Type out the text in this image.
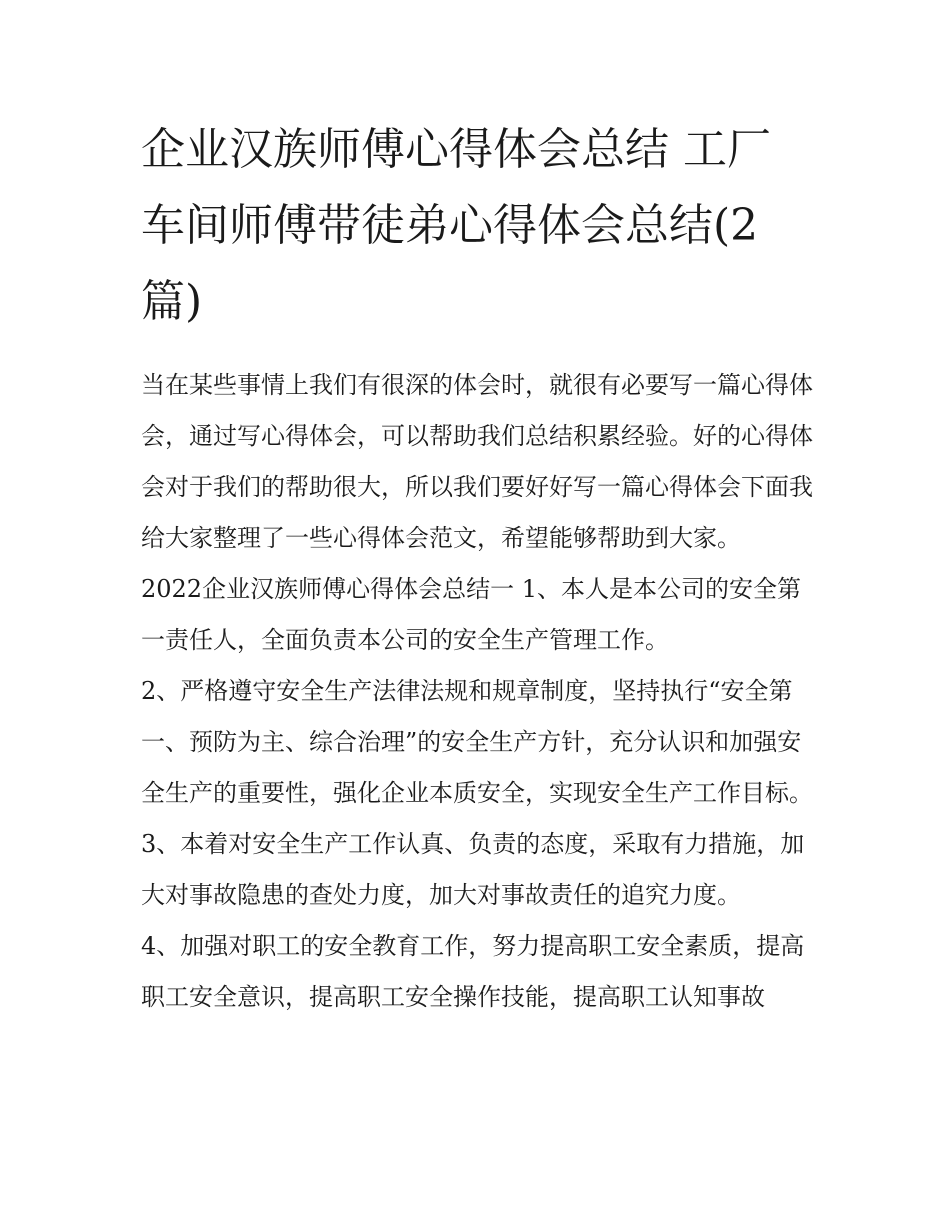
企业汉族师傅心得体会总结 工厂车间师傅带徒弟心得体会总结(2篇)

当在某些事情上我们有很深的体会时，就很有必要写一篇心得体会，通过写心得体会，可以帮助我们总结积累经验。好的心得体会对于我们的帮助很大，所以我们要好好写一篇心得体会下面我给大家整理了一些心得体会范文，希望能够帮助到大家。

2022企业汉族师傅心得体会总结一 1、本人是本公司的安全第一责任人，全面负责本公司的安全生产管理工作。

2、严格遵守安全生产法律法规和规章制度，坚持执行“安全第一、预防为主、综合治理”的安全生产方针，充分认识和加强安全生产的重要性，强化企业本质安全，实现安全生产工作目标。

3、本着对安全生产工作认真、负责的态度，采取有力措施，加大对事故隐患的查处力度，加大对事故责任的追究力度。

4、加强对职工的安全教育工作，努力提高职工安全素质，提高职工安全意识，提高职工安全操作技能，提高职工认知事故
